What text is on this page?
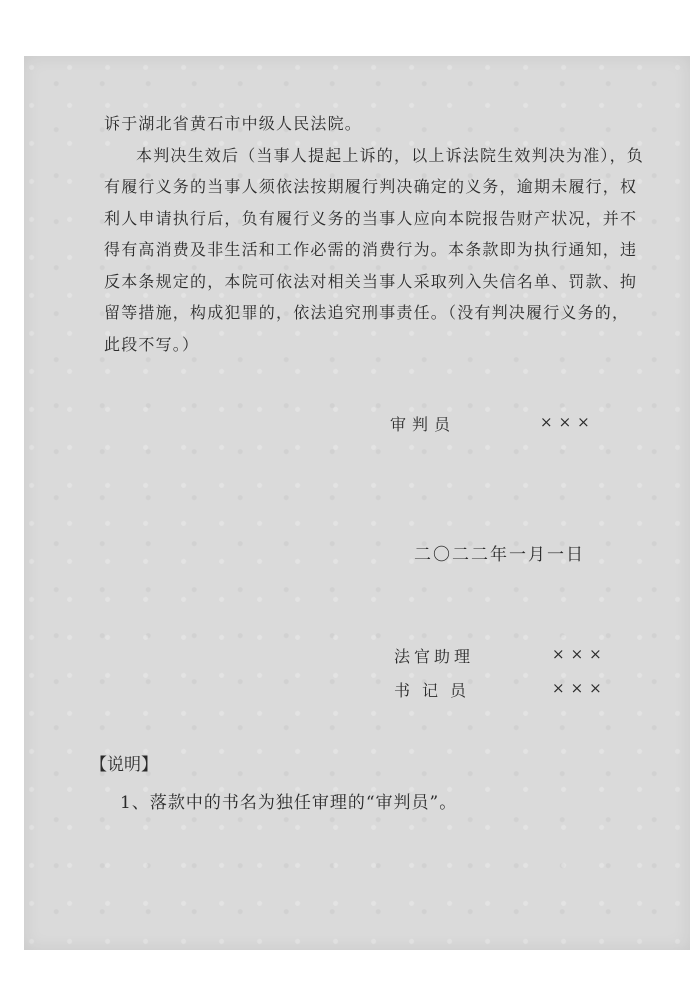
诉于湖北省黄石市中级人民法院。

本判决生效后（当事人提起上诉的，以上诉法院生效判决为准），负有履行义务的当事人须依法按期履行判决确定的义务，逾期未履行，权利人申请执行后，负有履行义务的当事人应向本院报告财产状况，并不得有高消费及非生活和工作必需的消费行为。本条款即为执行通知，违反本条规定的，本院可依法对相关当事人采取列入失信名单、罚款、拘留等措施，构成犯罪的，依法追究刑事责任。（没有判决履行义务的，此段不写。）

审判员	×××
二〇二二年一月一日
法官助理	×××
书记员	×××
【说明】
1、落款中的书名为独任审理的“审判员”。
